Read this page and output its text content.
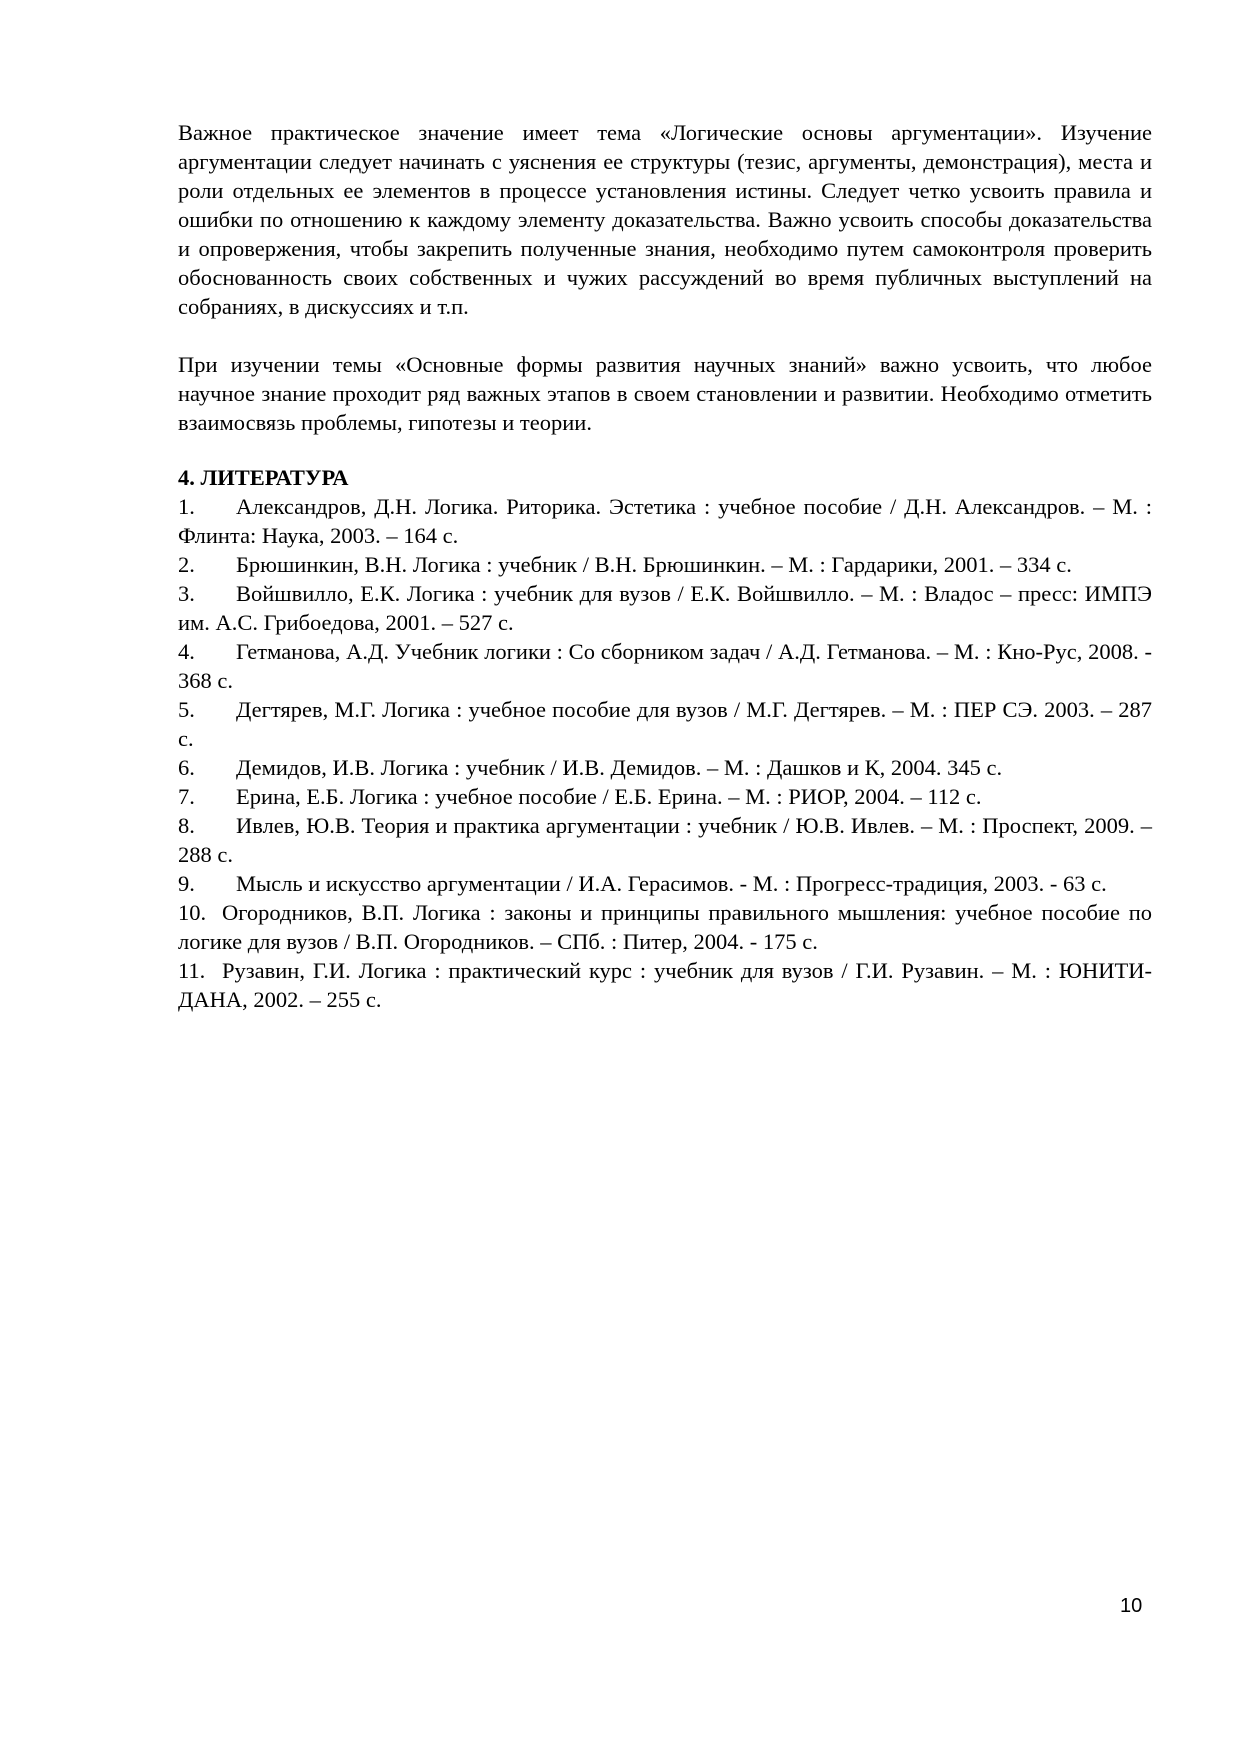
Важное практическое значение имеет тема «Логические основы аргументации». Изучение аргументации следует начинать с уяснения ее структуры (тезис, аргументы, демонстрация), места и роли отдельных ее элементов в процессе установления истины. Следует четко усвоить правила и ошибки по отношению к каждому элементу доказательства. Важно усвоить способы доказательства и опровержения, чтобы закрепить полученные знания, необходимо путем самоконтроля проверить обоснованность своих собственных и чужих рассуждений во время публичных выступлений на собраниях, в дискуссиях и т.п.

При изучении темы «Основные формы развития научных знаний» важно усвоить, что любое научное знание проходит ряд важных этапов в своем становлении и развитии. Необходимо отметить взаимосвязь проблемы, гипотезы и теории.

4. ЛИТЕРАТУРА

1. Александров, Д.Н. Логика. Риторика. Эстетика : учебное пособие / Д.Н. Александров. – М. : Флинта: Наука, 2003. – 164 с.
2. Брюшинкин, В.Н. Логика : учебник / В.Н. Брюшинкин. – М. : Гардарики, 2001. – 334 с.
3. Войшвилло, Е.К. Логика : учебник для вузов / Е.К. Войшвилло. – М. : Владос – пресс: ИМПЭ им. А.С. Грибоедова, 2001. – 527 с.
4. Гетманова, А.Д. Учебник логики : Со сборником задач / А.Д. Гетманова. – М. : Кно-Рус, 2008. - 368 с.
5. Дегтярев, М.Г. Логика : учебное пособие для вузов / М.Г. Дегтярев. – М. : ПЕР СЭ. 2003. – 287 с.
6. Демидов, И.В. Логика : учебник / И.В. Демидов. – М. : Дашков и К, 2004. 345 с.
7. Ерина, Е.Б. Логика : учебное пособие / Е.Б. Ерина. – М. : РИОР, 2004. – 112 с.
8. Ивлев, Ю.В. Теория и практика аргументации : учебник / Ю.В. Ивлев. – М. : Проспект, 2009. – 288 с.
9. Мысль и искусство аргументации / И.А. Герасимов. - М. : Прогресс-традиция, 2003. - 63 с.
10. Огородников, В.П. Логика : законы и принципы правильного мышления: учебное пособие по логике для вузов / В.П. Огородников. – СПб. : Питер, 2004. - 175 с.
11. Рузавин, Г.И. Логика : практический курс : учебник для вузов / Г.И. Рузавин. – М. : ЮНИТИ-ДАНА, 2002. – 255 с.
10
